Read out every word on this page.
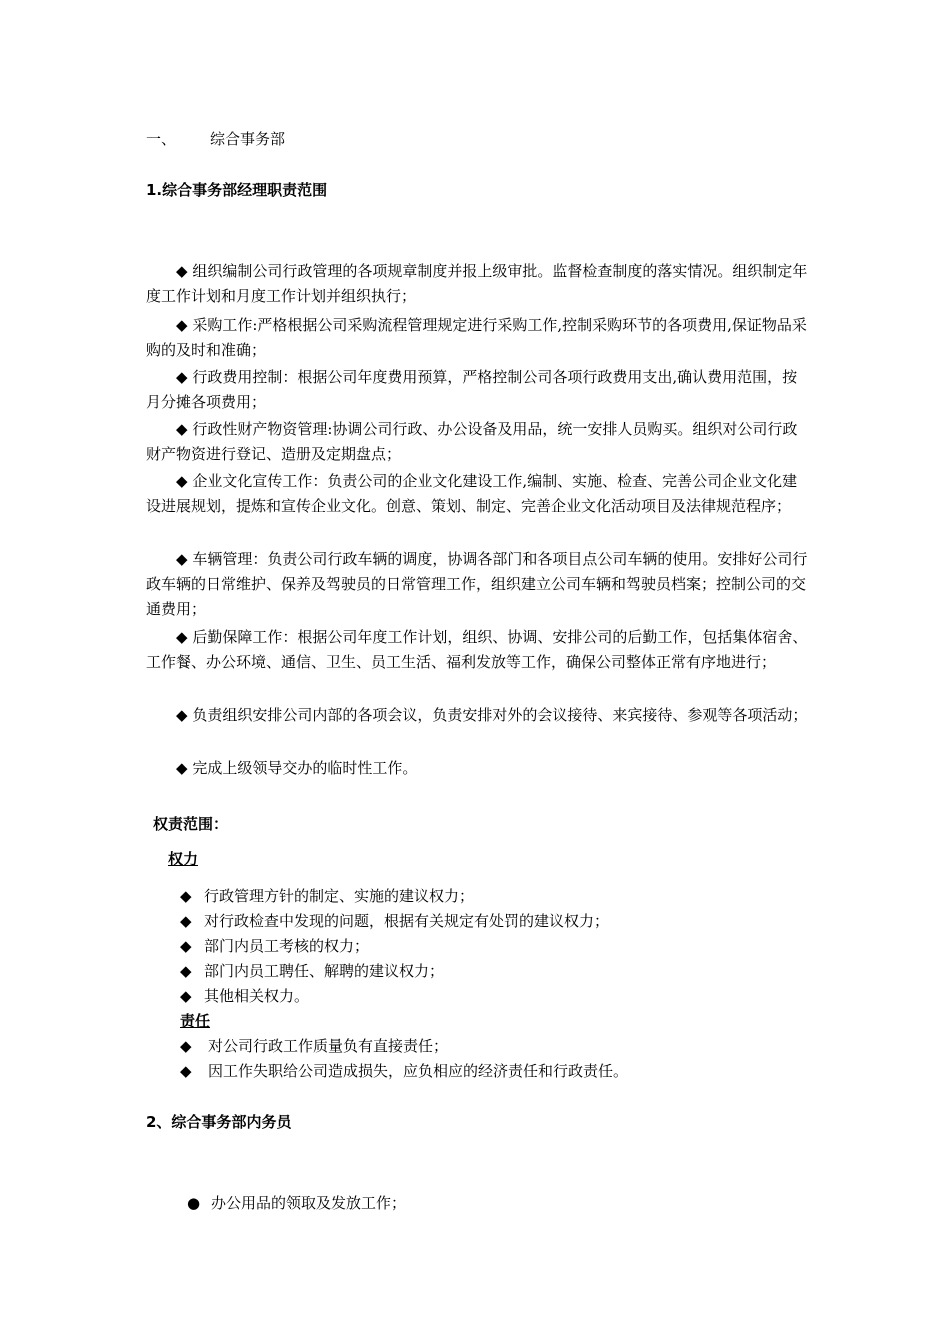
一、 综合事务部
1.综合事务部经理职责范围
◆ 组织编制公司行政管理的各项规章制度并报上级审批。监督检查制度的落实情况。组织制定年度工作计划和月度工作计划并组织执行；
◆ 采购工作:严格根据公司采购流程管理规定进行采购工作,控制采购环节的各项费用,保证物品采购的及时和准确；
◆ 行政费用控制：根据公司年度费用预算，严格控制公司各项行政费用支出,确认费用范围，按月分摊各项费用；
◆ 行政性财产物资管理:协调公司行政、办公设备及用品，统一安排人员购买。组织对公司行政财产物资进行登记、造册及定期盘点；
◆ 企业文化宣传工作：负责公司的企业文化建设工作,编制、实施、检查、完善公司企业文化建设进展规划，提炼和宣传企业文化。创意、策划、制定、完善企业文化活动项目及法律规范程序；
◆ 车辆管理：负责公司行政车辆的调度，协调各部门和各项目点公司车辆的使用。安排好公司行政车辆的日常维护、保养及驾驶员的日常管理工作，组织建立公司车辆和驾驶员档案；控制公司的交通费用；
◆ 后勤保障工作：根据公司年度工作计划，组织、协调、安排公司的后勤工作，包括集体宿舍、工作餐、办公环境、通信、卫生、员工生活、福利发放等工作，确保公司整体正常有序地进行；
◆ 负责组织安排公司内部的各项会议，负责安排对外的会议接待、来宾接待、参观等各项活动；
◆ 完成上级领导交办的临时性工作。
权责范围：
权力
◆ 行政管理方针的制定、实施的建议权力；
◆ 对行政检查中发现的问题，根据有关规定有处罚的建议权力；
◆ 部门内员工考核的权力；
◆ 部门内员工聘任、解聘的建议权力；
◆ 其他相关权力。
责任
◆ 对公司行政工作质量负有直接责任；
◆ 因工作失职给公司造成损失，应负相应的经济责任和行政责任。
2、综合事务部内务员
● 办公用品的领取及发放工作；
